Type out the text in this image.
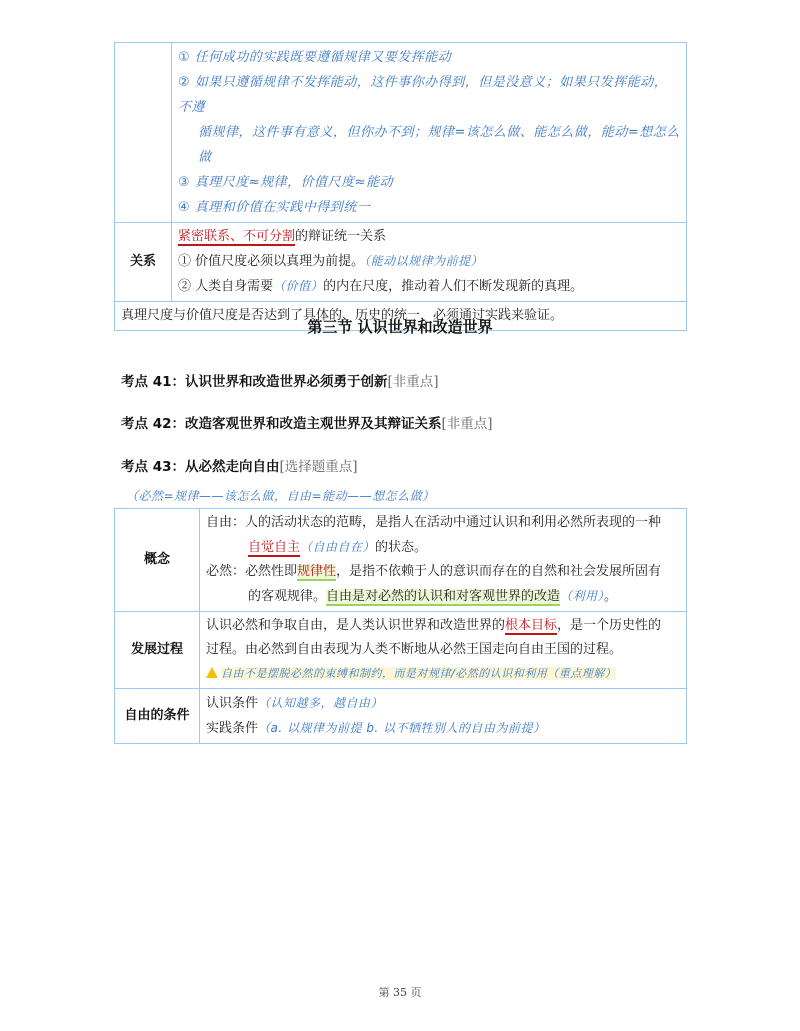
	① 任何成功的实践既要遵循规律又要发挥能动
② 如果只遵循规律不发挥能动，这件事你办得到，但是没意义；如果只发挥能动，不遵

循规律，这件事有意义，但你办不到；规律=该怎么做、能怎么做，能动=想怎么做
③ 真理尺度≈规律，价值尺度≈能动
④ 真理和价值在实践中得到统一
关系	紧密联系、不可分割的辩证统一关系
① 价值尺度必须以真理为前提。（能动以规律为前提）
② 人类自身需要（价值）的内在尺度，推动着人们不断发现新的真理。
真理尺度与价值尺度是否达到了具体的、历史的统一，必须通过实践来验证。	
第三节 认识世界和改造世界
考点 41：认识世界和改造世界必须勇于创新[非重点]
考点 42：改造客观世界和改造主观世界及其辩证关系[非重点]
考点 43：从必然走向自由[选择题重点]
（必然=规律——该怎么做，自由=能动——想怎么做）
概念	自由：人的活动状态的范畴，是指人在活动中通过认识和利用必然所表现的一种
自觉自主（自由自在）的状态。
必然：必然性即规律性，是指不依赖于人的意识而存在的自然和社会发展所固有
的客观规律。自由是对必然的认识和对客观世界的改造（利用）。
发展过程	认识必然和争取自由，是人类认识世界和改造世界的根本目标，是一个历史性的
过程。由必然到自由表现为人类不断地从必然王国走向自由王国的过程。
自由不是摆脱必然的束缚和制约，而是对规律/必然的认识和利用（重点理解）
自由的条件	认识条件（认知越多，越自由）
实践条件（a. 以规律为前提 b. 以不牺牲别人的自由为前提）
第 35 页
